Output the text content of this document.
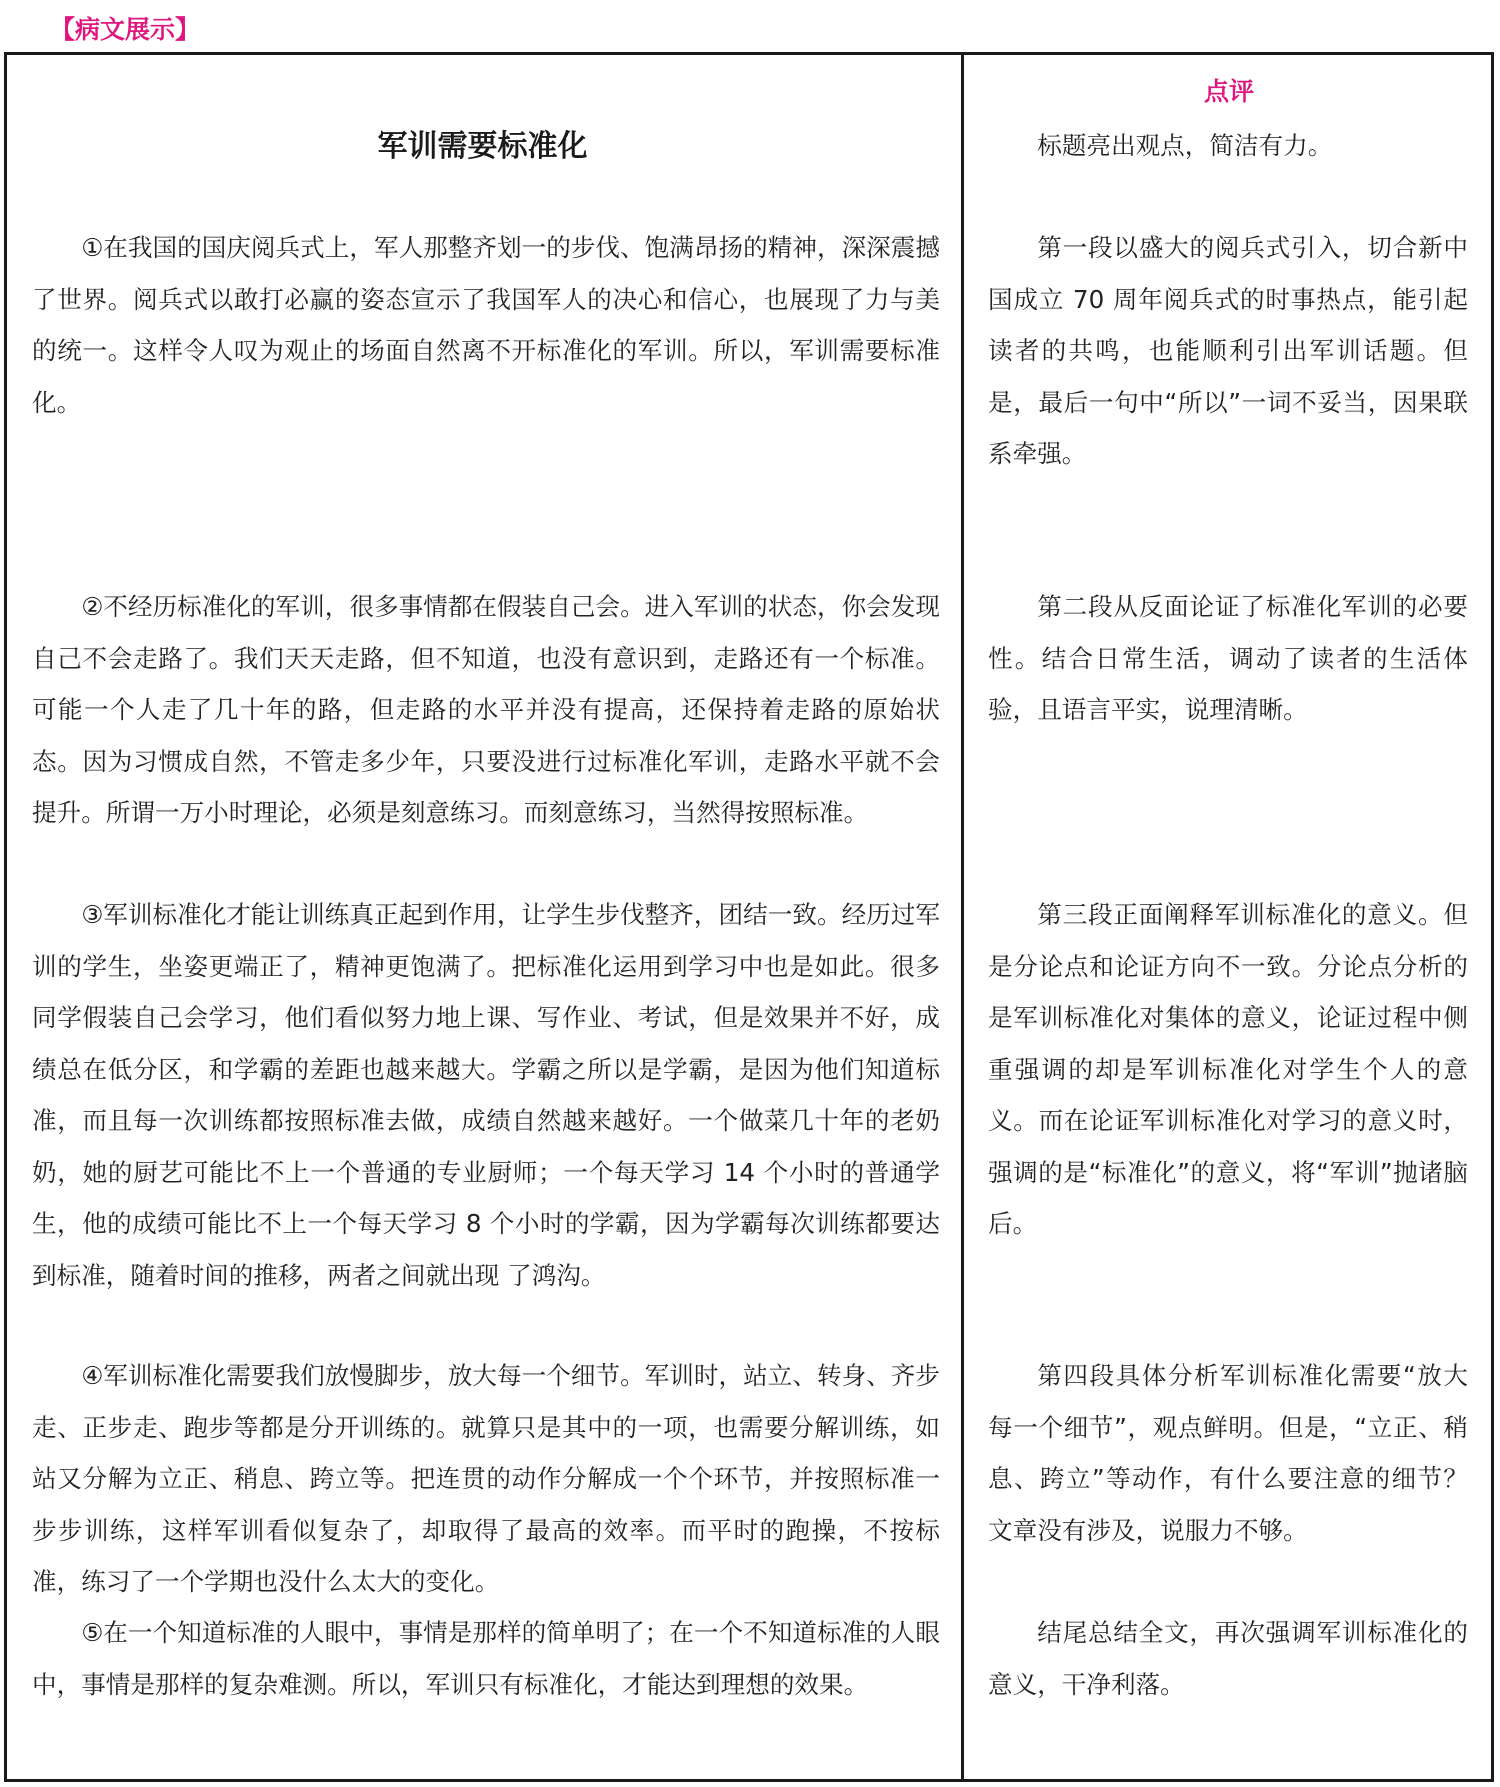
【病文展示】
军训需要标准化
点评

①在我国的国庆阅兵式上，军人那整齐划一的步伐、饱满昂扬的精神，深深震撼了世界。阅兵式以敢打必赢的姿态宣示了我国军人的决心和信心，也展现了力与美的统一。这样令人叹为观止的场面自然离不开标准化的军训。所以，军训需要标准化。

②不经历标准化的军训，很多事情都在假装自己会。进入军训的状态，你会发现自己不会走路了。我们天天走路，但不知道，也没有意识到，走路还有一个标准。可能一个人走了几十年的路，但走路的水平并没有提高，还保持着走路的原始状态。因为习惯成自然，不管走多少年，只要没进行过标准化军训，走路水平就不会提升。所谓一万小时理论，必须是刻意练习。而刻意练习，当然得按照标准。

③军训标准化才能让训练真正起到作用，让学生步伐整齐，团结一致。经历过军训的学生，坐姿更端正了，精神更饱满了。把标准化运用到学习中也是如此。很多同学假装自己会学习，他们看似努力地上课、写作业、考试，但是效果并不好，成绩总在低分区，和学霸的差距也越来越大。学霸之所以是学霸，是因为他们知道标准，而且每一次训练都按照标准去做，成绩自然越来越好。一个做菜几十年的老奶奶，她的厨艺可能比不上一个普通的专业厨师；一个每天学习 14 个小时的普通学生，他的成绩可能比不上一个每天学习 8 个小时的学霸，因为学霸每次训练都要达到标准，随着时间的推移，两者之间就出现 了鸿沟。

④军训标准化需要我们放慢脚步，放大每一个细节。军训时，站立、转身、齐步走、正步走、跑步等都是分开训练的。就算只是其中的一项，也需要分解训练，如站又分解为立正、稍息、跨立等。把连贯的动作分解成一个个环节，并按照标准一步步训练，这样军训看似复杂了，却取得了最高的效率。而平时的跑操，不按标准，练习了一个学期也没什么太大的变化。

⑤在一个知道标准的人眼中，事情是那样的简单明了；在一个不知道标准的人眼中，事情是那样的复杂难测。所以，军训只有标准化，才能达到理想的效果。

标题亮出观点，简洁有力。

第一段以盛大的阅兵式引入，切合新中国成立 70 周年阅兵式的时事热点，能引起读者的共鸣，也能顺利引出军训话题。但是，最后一句中“所以”一词不妥当，因果联系牵强。

第二段从反面论证了标准化军训的必要性。结合日常生活，调动了读者的生活体验，且语言平实，说理清晰。

第三段正面阐释军训标准化的意义。但是分论点和论证方向不一致。分论点分析的是军训标准化对集体的意义，论证过程中侧重强调的却是军训标准化对学生个人的意义。而在论证军训标准化对学习的意义时，强调的是“标准化”的意义，将“军训”抛诸脑后。

第四段具体分析军训标准化需要“放大每一个细节”，观点鲜明。但是，“立正、稍息、跨立”等动作，有什么要注意的细节？文章没有涉及，说服力不够。

结尾总结全文，再次强调军训标准化的意义，干净利落。
